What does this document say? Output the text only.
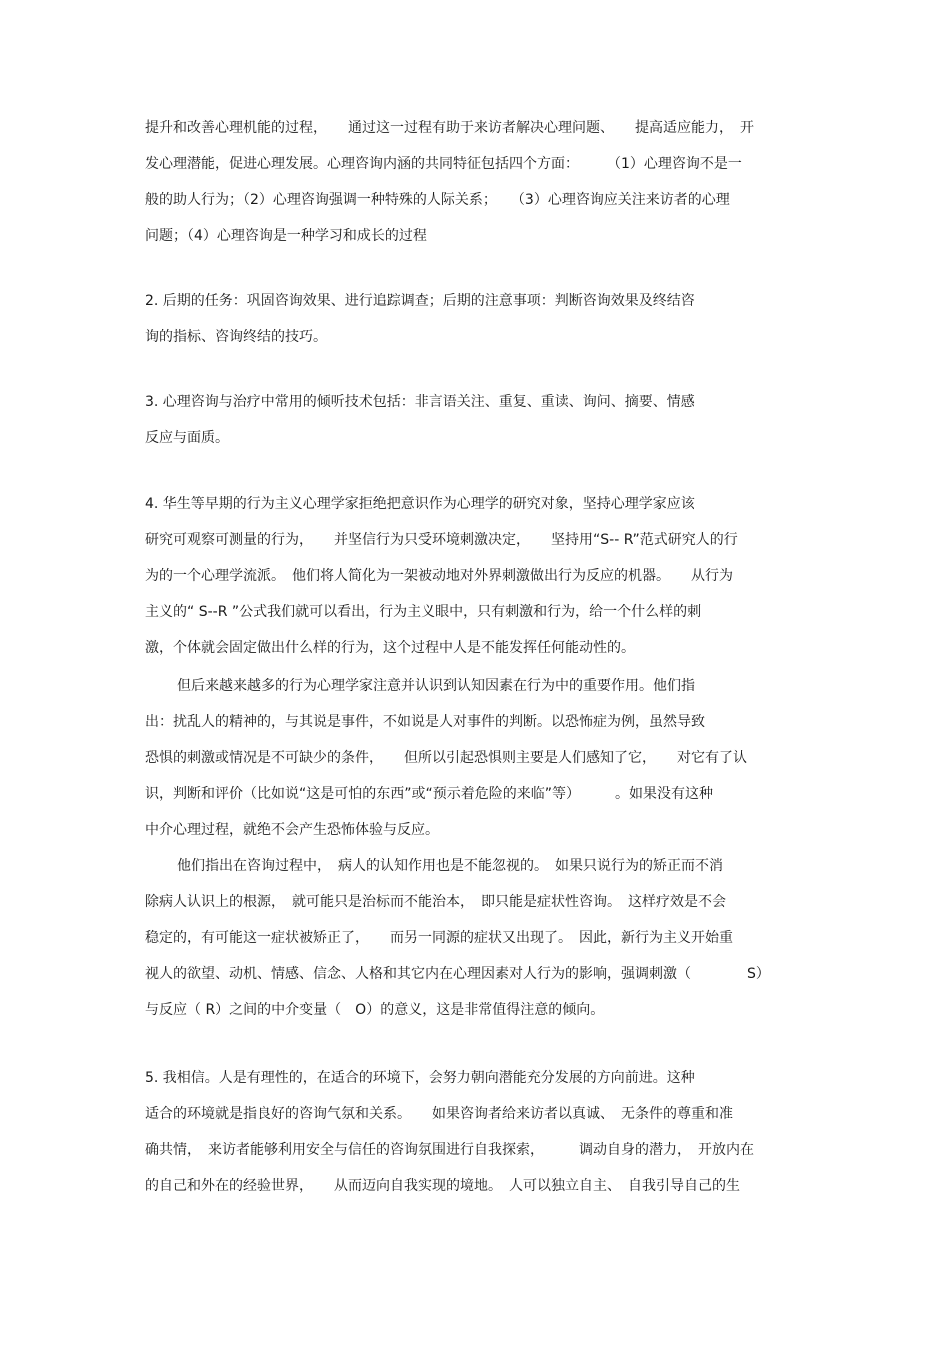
提升和改善心理机能的过程，　　通过这一过程有助于来访者解决心理问题、　　提高适应能力，　开
发心理潜能，促进心理发展。心理咨询内涵的共同特征包括四个方面：　　　（1）心理咨询不是一
般的助人行为；（2）心理咨询强调一种特殊的人际关系；　　（3）心理咨询应关注来访者的心理
问题；（4）心理咨询是一种学习和成长的过程
2. 后期的任务：巩固咨询效果、进行追踪调查；后期的注意事项：判断咨询效果及终结咨
询的指标、咨询终结的技巧。
3. 心理咨询与治疗中常用的倾听技术包括：非言语关注、重复、重读、询问、摘要、情感
反应与面质。
4. 华生等早期的行为主义心理学家拒绝把意识作为心理学的研究对象，坚持心理学家应该
研究可观察可测量的行为，　　并坚信行为只受环境刺激决定，　　坚持用“S-- R”范式研究人的行
为的一个心理学流派。　他们将人简化为一架被动地对外界刺激做出行为反应的机器。　　从行为
主义的“ S--R ”公式我们就可以看出，行为主义眼中，只有刺激和行为，给一个什么样的刺
激，个体就会固定做出什么样的行为，这个过程中人是不能发挥任何能动性的。
但后来越来越多的行为心理学家注意并认识到认知因素在行为中的重要作用。他们指
出：扰乱人的精神的，与其说是事件，不如说是人对事件的判断。以恐怖症为例，虽然导致
恐惧的刺激或情况是不可缺少的条件，　　但所以引起恐惧则主要是人们感知了它，　　对它有了认
识，判断和评价（比如说“这是可怕的东西”或“预示着危险的来临”等）　　　。如果没有这种
中介心理过程，就绝不会产生恐怖体验与反应。
他们指出在咨询过程中，　病人的认知作用也是不能忽视的。　如果只说行为的矫正而不消
除病人认识上的根源，　就可能只是治标而不能治本，　即只能是症状性咨询。　这样疗效是不会
稳定的，有可能这一症状被矫正了，　　而另一同源的症状又出现了。　因此，新行为主义开始重
视人的欲望、动机、情感、信念、人格和其它内在心理因素对人行为的影响，强调刺激（　　　　S）
与反应（ R）之间的中介变量（　O）的意义，这是非常值得注意的倾向。
5. 我相信。人是有理性的，在适合的环境下，会努力朝向潜能充分发展的方向前进。这种
适合的环境就是指良好的咨询气氛和关系。　　如果咨询者给来访者以真诚、　无条件的尊重和准
确共情，　来访者能够利用安全与信任的咨询氛围进行自我探索，　　　调动自身的潜力，　开放内在
的自己和外在的经验世界，　　从而迈向自我实现的境地。　人可以独立自主、　自我引导自己的生
